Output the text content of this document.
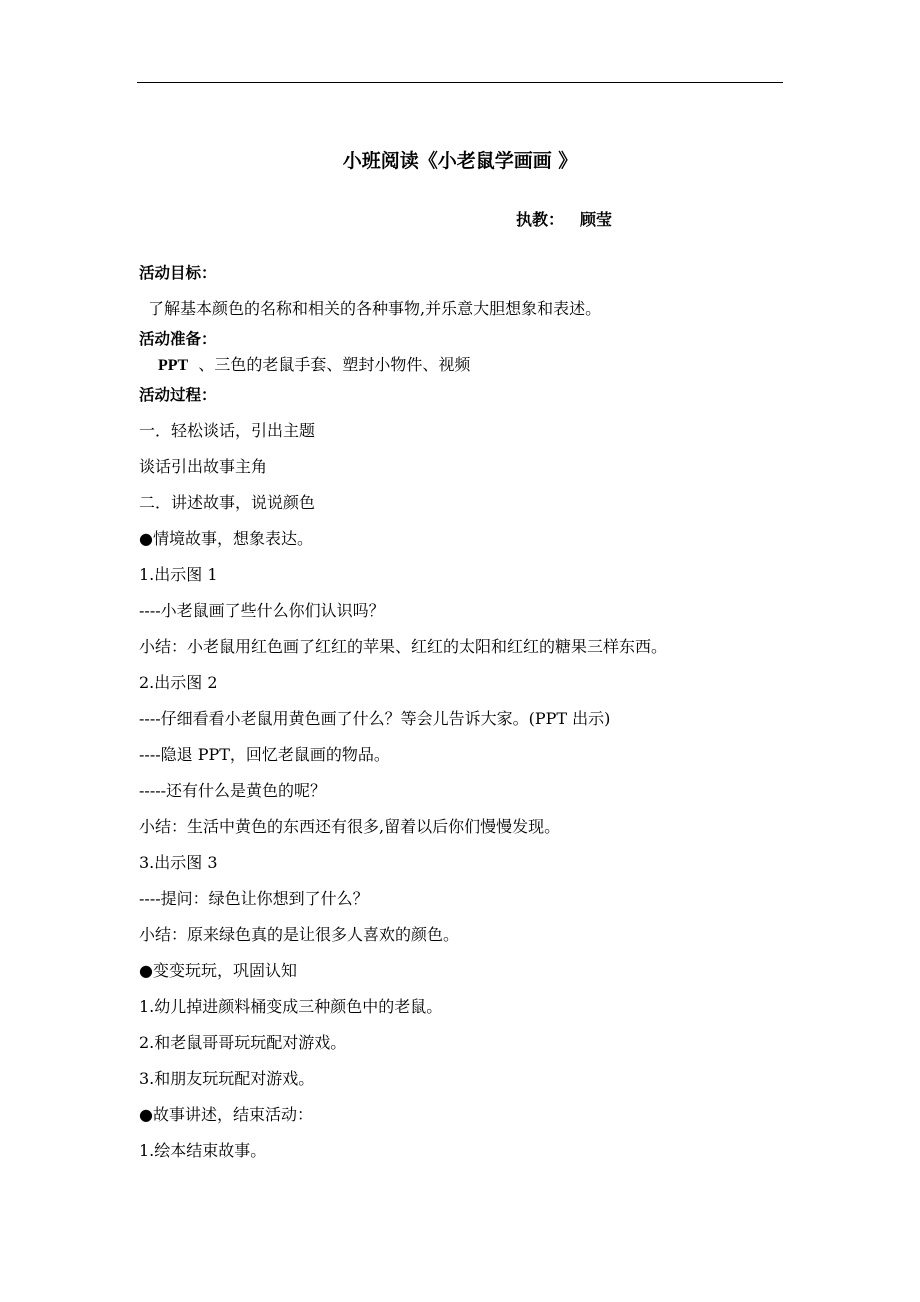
小班阅读《小老鼠学画画 》
执教： 顾莹
活动目标：
了解基本颜色的名称和相关的各种事物,并乐意大胆想象和表述。
活动准备：
PPT 、三色的老鼠手套、塑封小物件、视频
活动过程：
一．轻松谈话，引出主题
谈话引出故事主角
二．讲述故事，说说颜色
●情境故事，想象表达。
1.出示图 1
----小老鼠画了些什么你们认识吗？
小结：小老鼠用红色画了红红的苹果、红红的太阳和红红的糖果三样东西。
2.出示图 2
----仔细看看小老鼠用黄色画了什么？等会儿告诉大家。(PPT 出示)
----隐退 PPT，回忆老鼠画的物品。
-----还有什么是黄色的呢？
小结：生活中黄色的东西还有很多,留着以后你们慢慢发现。
3.出示图 3
----提问：绿色让你想到了什么？
小结：原来绿色真的是让很多人喜欢的颜色。
●变变玩玩，巩固认知
1.幼儿掉进颜料桶变成三种颜色中的老鼠。
2.和老鼠哥哥玩玩配对游戏。
3.和朋友玩玩配对游戏。
●故事讲述，结束活动：
1.绘本结束故事。
